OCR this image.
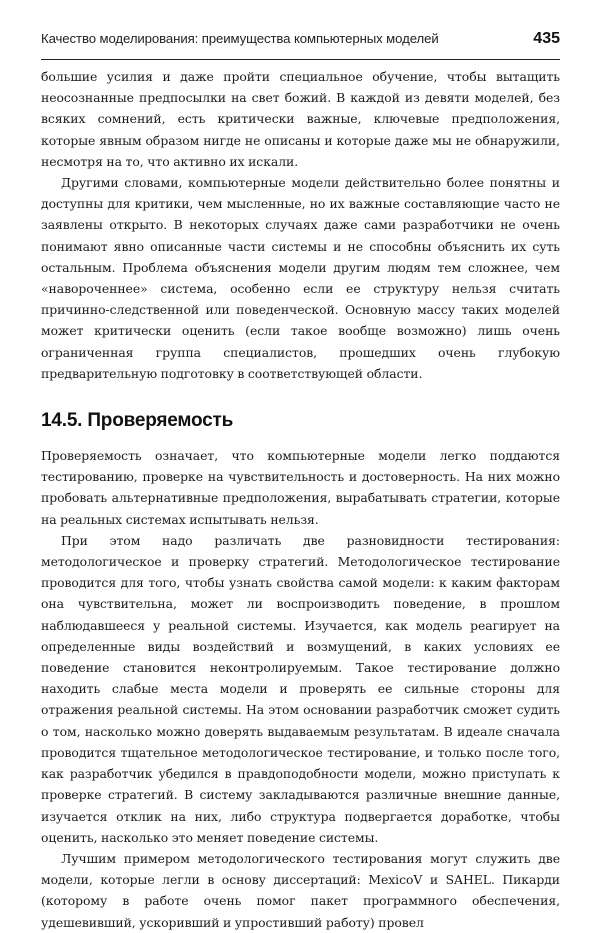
Качество моделирования: преимущества компьютерных моделей	435

большие усилия и даже пройти специальное обучение, чтобы вытащить неосознанные предпосылки на свет божий. В каждой из девяти моделей, без всяких сомнений, есть критически важные, ключевые предположения, которые явным образом нигде не описаны и которые даже мы не обнаружили, несмотря на то, что активно их искали.

Другими словами, компьютерные модели действительно более понятны и доступны для критики, чем мысленные, но их важные составляющие часто не заявлены открыто. В некоторых случаях даже сами разработчики не очень понимают явно описанные части системы и не способны объяснить их суть остальным. Проблема объяснения модели другим людям тем сложнее, чем «навороченнее» система, особенно если ее структуру нельзя считать причинно-следственной или поведенческой. Основную массу таких моделей может критически оценить (если такое вообще возможно) лишь очень ограниченная группа специалистов, прошедших очень глубокую предварительную подготовку в соответствующей области.

14.5. Проверяемость

Проверяемость означает, что компьютерные модели легко поддаются тестированию, проверке на чувствительность и достоверность. На них можно пробовать альтернативные предположения, вырабатывать стратегии, которые на реальных системах испытывать нельзя.

При этом надо различать две разновидности тестирования: методологическое и проверку стратегий. Методологическое тестирование проводится для того, чтобы узнать свойства самой модели: к каким факторам она чувствительна, может ли воспроизводить поведение, в прошлом наблюдавшееся у реальной системы. Изучается, как модель реагирует на определенные виды воздействий и возмущений, в каких условиях ее поведение становится неконтролируемым. Такое тестирование должно находить слабые места модели и проверять ее сильные стороны для отражения реальной системы. На этом основании разработчик сможет судить о том, насколько можно доверять выдаваемым результатам. В идеале сначала проводится тщательное методологическое тестирование, и только после того, как разработчик убедился в правдоподобности модели, можно приступать к проверке стратегий. В систему закладываются различные внешние данные, изучается отклик на них, либо структура подвергается доработке, чтобы оценить, насколько это меняет поведение системы.

Лучшим примером методологического тестирования могут служить две модели, которые легли в основу диссертаций: MexicoV и SAHEL. Пикарди (которому в работе очень помог пакет программного обеспечения, удешевивший, ускоривший и упростивший работу) провел
